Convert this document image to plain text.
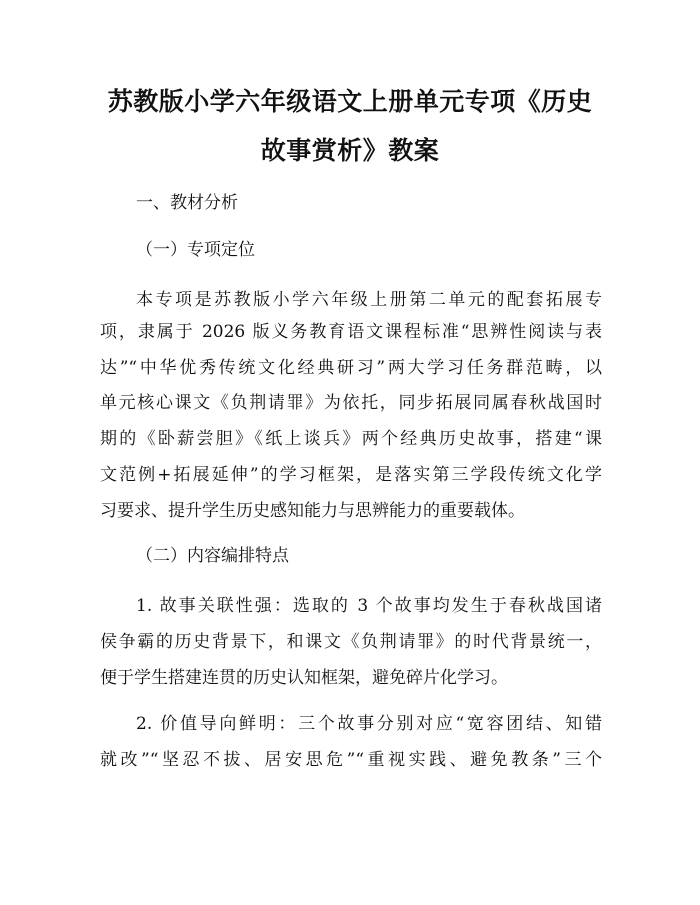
苏教版小学六年级语文上册单元专项《历史
故事赏析》教案
一、教材分析
（一）专项定位
本专项是苏教版小学六年级上册第二单元的配套拓展专
项，隶属于 2026 版义务教育语文课程标准“思辨性阅读与表
达”“中华优秀传统文化经典研习”两大学习任务群范畴，以
单元核心课文《负荆请罪》为依托，同步拓展同属春秋战国时
期的《卧薪尝胆》《纸上谈兵》两个经典历史故事，搭建“课
文范例+拓展延伸”的学习框架，是落实第三学段传统文化学
习要求、提升学生历史感知能力与思辨能力的重要载体。
（二）内容编排特点
1. 故事关联性强：选取的 3 个故事均发生于春秋战国诸
侯争霸的历史背景下，和课文《负荆请罪》的时代背景统一，
便于学生搭建连贯的历史认知框架，避免碎片化学习。
2. 价值导向鲜明：三个故事分别对应“宽容团结、知错
就改”“坚忍不拔、居安思危”“重视实践、避免教条”三个
